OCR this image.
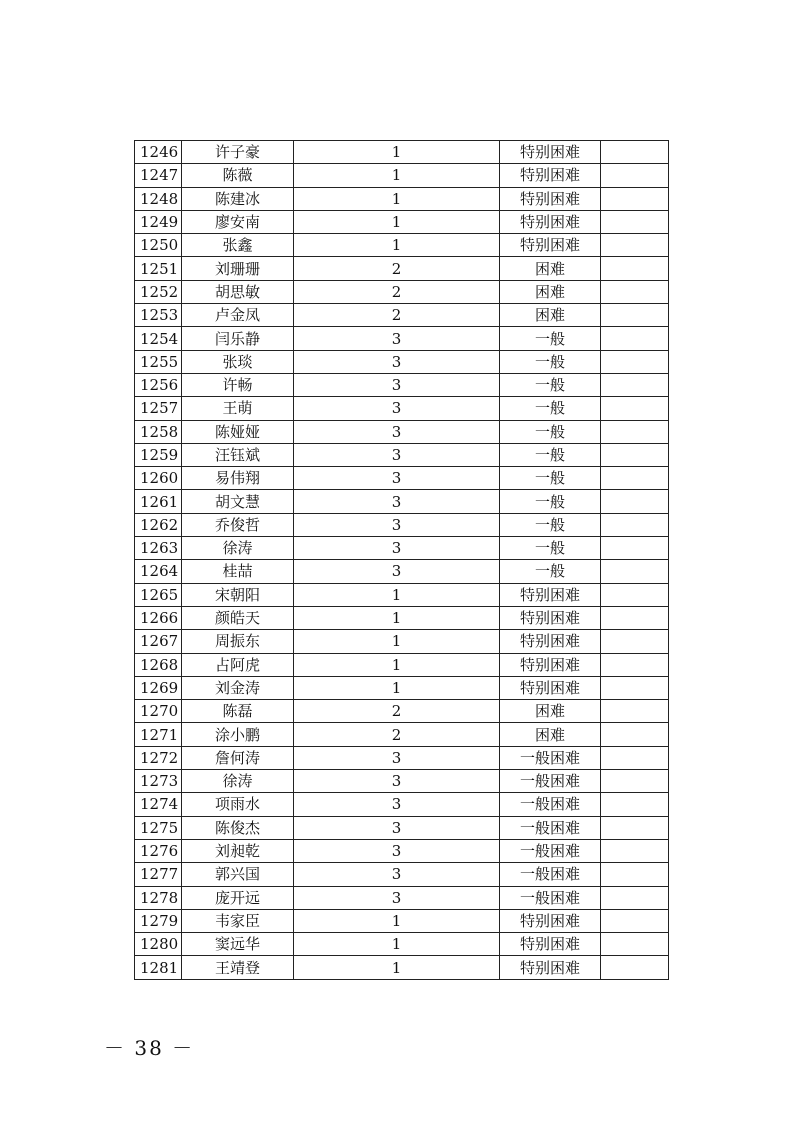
1246	许子豪	1	特别困难	
1247	陈薇	1	特别困难	
1248	陈建冰	1	特别困难	
1249	廖安南	1	特别困难	
1250	张鑫	1	特别困难	
1251	刘珊珊	2	困难	
1252	胡思敏	2	困难	
1253	卢金凤	2	困难	
1254	闫乐静	3	一般	
1255	张琰	3	一般	
1256	许畅	3	一般	
1257	王萌	3	一般	
1258	陈娅娅	3	一般	
1259	汪钰斌	3	一般	
1260	易伟翔	3	一般	
1261	胡文慧	3	一般	
1262	乔俊哲	3	一般	
1263	徐涛	3	一般	
1264	桂喆	3	一般	
1265	宋朝阳	1	特别困难	
1266	颜皓天	1	特别困难	
1267	周振东	1	特别困难	
1268	占阿虎	1	特别困难	
1269	刘金涛	1	特别困难	
1270	陈磊	2	困难	
1271	涂小鹏	2	困难	
1272	詹何涛	3	一般困难	
1273	徐涛	3	一般困难	
1274	项雨水	3	一般困难	
1275	陈俊杰	3	一般困难	
1276	刘昶乾	3	一般困难	
1277	郭兴国	3	一般困难	
1278	庞开远	3	一般困难	
1279	韦家臣	1	特别困难	
1280	窦远华	1	特别困难	
1281	王靖登	1	特别困难	
－ 38 －
